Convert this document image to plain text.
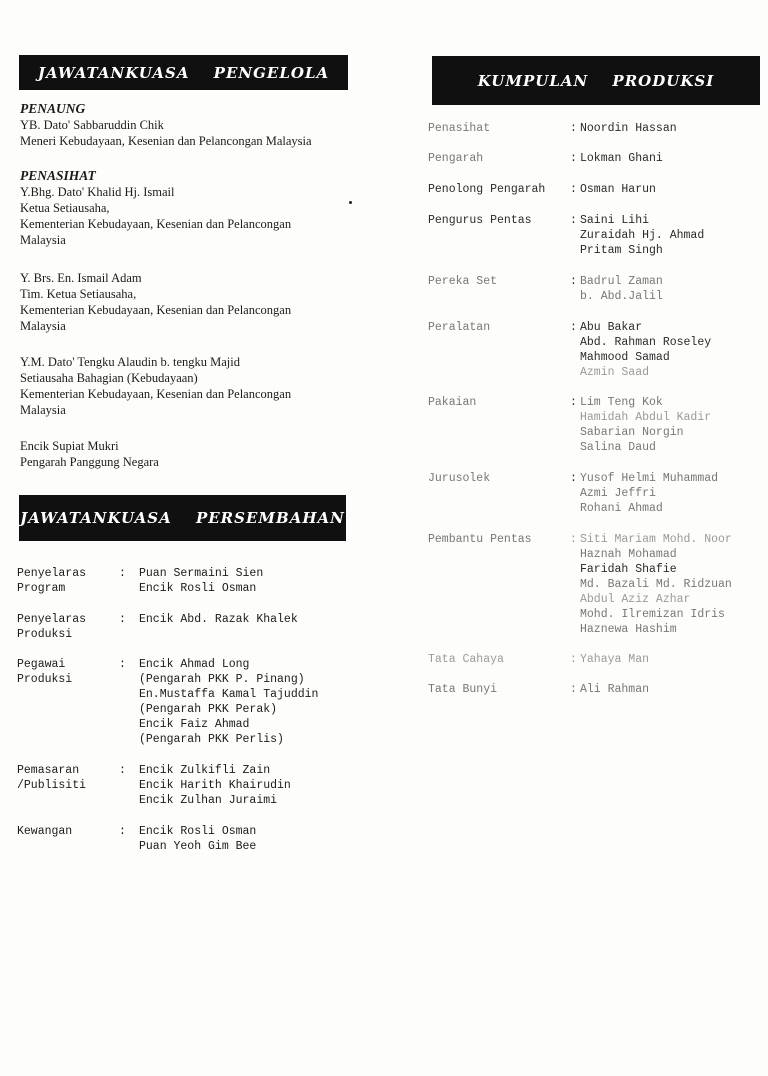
JAWATANKUASA PENGELOLA
JAWATANKUASA PERSEMBAHAN
KUMPULAN PRODUKSI
PENAUNG
YB. Dato' Sabbaruddin Chik
Meneri Kebudayaan, Kesenian dan Pelancongan Malaysia
PENASIHAT
Y.Bhg. Dato' Khalid Hj. Ismail
Ketua Setiausaha,
Kementerian Kebudayaan, Kesenian dan Pelancongan
Malaysia
Y. Brs. En. Ismail Adam
Tim. Ketua Setiausaha,
Kementerian Kebudayaan, Kesenian dan Pelancongan
Malaysia
Y.M. Dato' Tengku Alaudin b. tengku Majid
Setiausaha Bahagian (Kebudayaan)
Kementerian Kebudayaan, Kesenian dan Pelancongan
Malaysia
Encik Supiat Mukri
Pengarah Panggung Negara
Penyelaras
Program
: Puan Sermaini Sien
Encik Rosli Osman
Penyelaras
Produksi
: Encik Abd. Razak Khalek
Pegawai
Produksi
: Encik Ahmad Long
(Pengarah PKK P. Pinang)
En.Mustaffa Kamal Tajuddin
(Pengarah PKK Perak)
Encik Faiz Ahmad
(Pengarah PKK Perlis)
Pemasaran
/Publisiti
: Encik Zulkifli Zain
Encik Harith Khairudin
Encik Zulhan Juraimi
Kewangan	: Encik Rosli Osman
Puan Yeoh Gim Bee
Penasihat	: Noordin Hassan
Pengarah	: Lokman Ghani
Penolong Pengarah	: Osman Harun
Pengurus Pentas	: Saini Lihi
Zuraidah Hj. Ahmad
Pritam Singh
Pereka Set	: Badrul Zaman
b. Abd.Jalil
Peralatan	: Abu Bakar
Abd. Rahman Roseley
Mahmood Samad
Azmin Saad
Pakaian	: Lim Teng Kok
Hamidah Abdul Kadir
Sabarian Norgin
Salina Daud
Jurusolek	: Yusof Helmi Muhammad
Azmi Jeffri
Rohani Ahmad
Pembantu Pentas	: Siti Mariam Mohd. Noor
Haznah Mohamad
Faridah Shafie
Md. Bazali Md. Ridzuan
Abdul Aziz Azhar
Mohd. Ilremizan Idris
Haznewa Hashim
Tata Cahaya	: Yahaya Man
Tata Bunyi	: Ali Rahman
